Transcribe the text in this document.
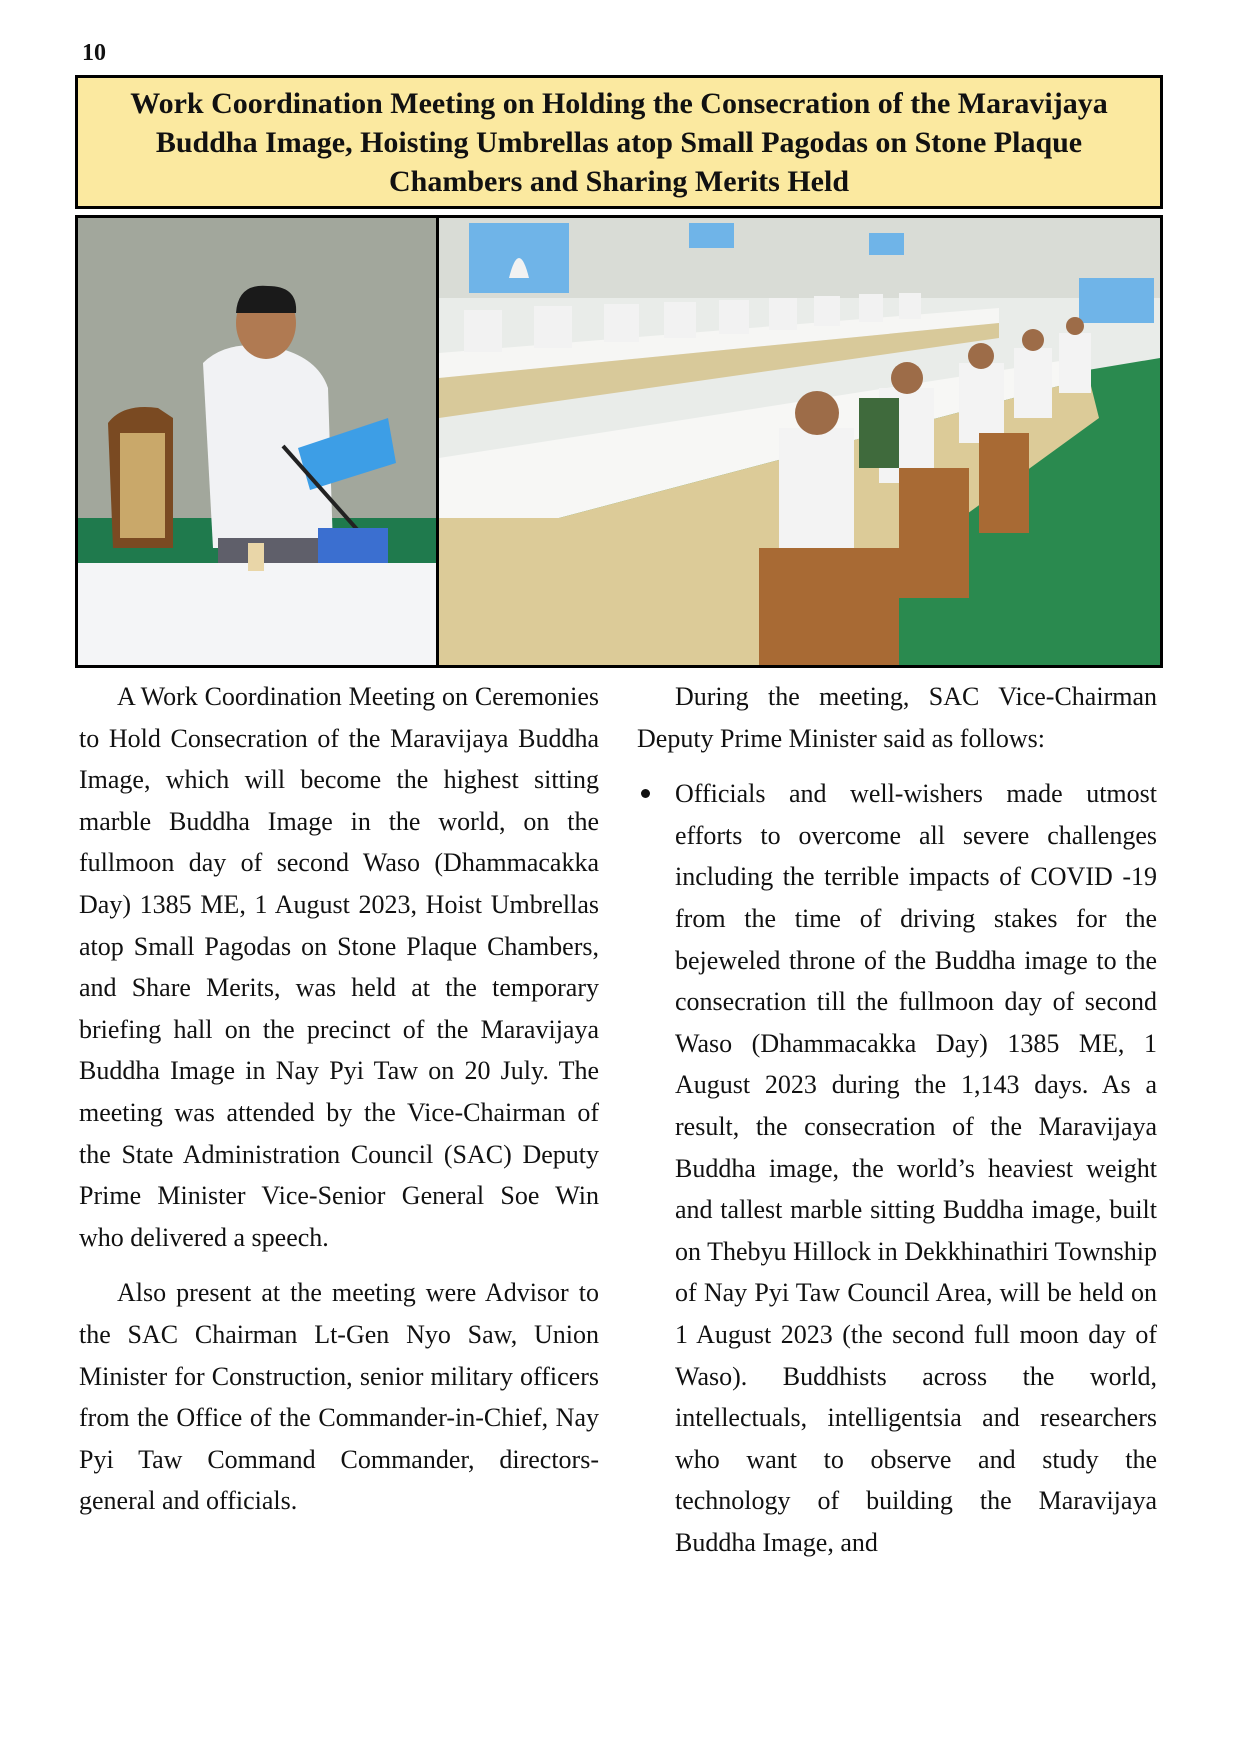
10
Work Coordination Meeting on Holding the Consecration of the Maravijaya Buddha Image, Hoisting Umbrellas atop Small Pagodas on Stone Plaque Chambers and Sharing Merits Held

A Work Coordination Meeting on Ceremonies to Hold Consecration of the Maravijaya Buddha Image, which will become the highest sitting marble Buddha Image in the world, on the fullmoon day of second Waso (Dhammacakka Day) 1385 ME, 1 August 2023, Hoist Umbrellas atop Small Pagodas on Stone Plaque Chambers, and Share Merits, was held at the temporary briefing hall on the precinct of the Maravijaya Buddha Image in Nay Pyi Taw on 20 July. The meeting was attended by the Vice-Chairman of the State Administration Council (SAC) Deputy Prime Minister Vice-Senior General Soe Win who delivered a speech.

Also present at the meeting were Advisor to the SAC Chairman Lt-Gen Nyo Saw, Union Minister for Construction, senior military officers from the Office of the Commander-in-Chief, Nay Pyi Taw Command Commander, directors-general and officials.

During the meeting, SAC Vice-Chairman Deputy Prime Minister said as follows:

Officials and well-wishers made utmost efforts to overcome all severe challenges including the terrible impacts of COVID -19 from the time of driving stakes for the bejeweled throne of the Buddha image to the consecration till the fullmoon day of second Waso (Dhammacakka Day) 1385 ME, 1 August 2023 during the 1,143 days. As a result, the consecration of the Maravijaya Buddha image, the world’s heaviest weight and tallest marble sitting Buddha image, built on Thebyu Hillock in Dekkhinathiri Township of Nay Pyi Taw Council Area, will be held on 1 August 2023 (the second full moon day of Waso). Buddhists across the world, intellectuals, intelligentsia and researchers who want to observe and study the technology of building the Maravijaya Buddha Image, and
